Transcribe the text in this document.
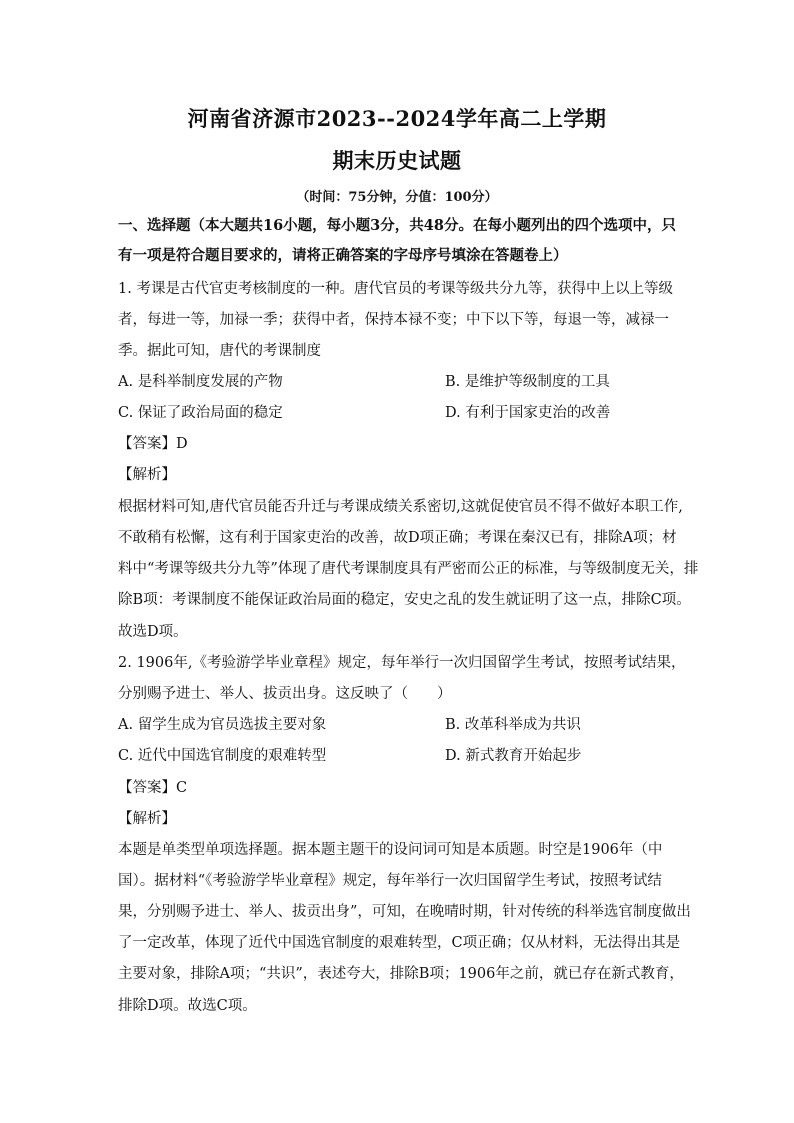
河南省济源市2023--2024学年高二上学期
期末历史试题
（时间：75分钟，分值：100分）
一、选择题（本大题共16小题，每小题3分，共48分。在每小题列出的四个选项中，只
有一项是符合题目要求的，请将正确答案的字母序号填涂在答题卷上）
1. 考课是古代官吏考核制度的一种。唐代官员的考课等级共分九等，获得中上以上等级
者，每进一等，加禄一季；获得中者，保持本禄不变；中下以下等，每退一等，减禄一
季。据此可知，唐代的考课制度
A. 是科举制度发展的产物	B. 是维护等级制度的工具
C. 保证了政治局面的稳定	D. 有利于国家吏治的改善
【答案】D
【解析】
根据材料可知,唐代官员能否升迁与考课成绩关系密切,这就促使官员不得不做好本职工作,
不敢稍有松懈，这有利于国家吏治的改善，故D项正确；考课在秦汉已有，排除A项；材
料中“考课等级共分九等”体现了唐代考课制度具有严密而公正的标准，与等级制度无关，排
除B项：考课制度不能保证政治局面的稳定，安史之乱的发生就证明了这一点，排除C项。
故选D项。
2. 1906年,《考验游学毕业章程》规定，每年举行一次归国留学生考试，按照考试结果，
分别赐予进士、举人、拔贡出身。这反映了（　　）
A. 留学生成为官员选拔主要对象	B. 改革科举成为共识
C. 近代中国选官制度的艰难转型	D. 新式教育开始起步
【答案】C
【解析】
本题是单类型单项选择题。据本题主题干的设问词可知是本质题。时空是1906年（中
国）。据材料“《考验游学毕业章程》规定，每年举行一次归国留学生考试，按照考试结
果，分别赐予进士、举人、拔贡出身”，可知，在晚晴时期，针对传统的科举选官制度做出
了一定改革，体现了近代中国选官制度的艰难转型，C项正确；仅从材料，无法得出其是
主要对象，排除A项；“共识”，表述夸大，排除B项；1906年之前，就已存在新式教育，
排除D项。故选C项。
